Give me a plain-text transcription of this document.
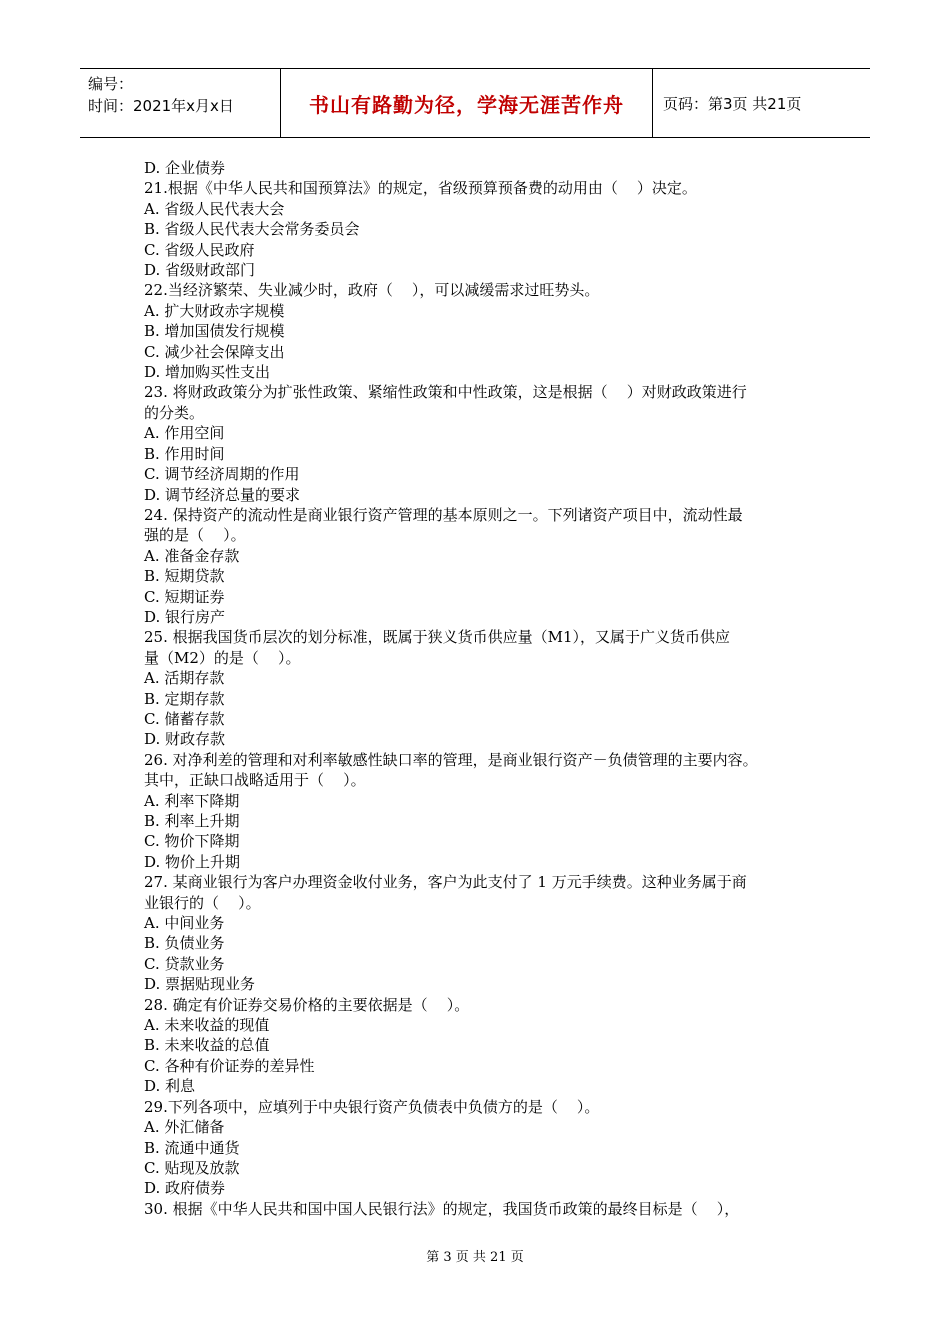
编号：
时间：2021年x月x日	书山有路勤为径，学海无涯苦作舟	页码：第3页 共21页
D. 企业债券
21.根据《中华人民共和国预算法》的规定，省级预算预备费的动用由（    ）决定。
A. 省级人民代表大会
B. 省级人民代表大会常务委员会
C. 省级人民政府
D. 省级财政部门
22.当经济繁荣、失业减少时，政府（    ），可以减缓需求过旺势头。
A. 扩大财政赤字规模
B. 增加国债发行规模
C. 减少社会保障支出
D. 增加购买性支出
23. 将财政政策分为扩张性政策、紧缩性政策和中性政策，这是根据（    ）对财政政策进行
的分类。
A. 作用空间
B. 作用时间
C. 调节经济周期的作用
D. 调节经济总量的要求
24. 保持资产的流动性是商业银行资产管理的基本原则之一。下列诸资产项目中，流动性最
强的是（    ）。
A. 准备金存款
B. 短期贷款
C. 短期证券
D. 银行房产
25. 根据我国货币层次的划分标准，既属于狭义货币供应量（M1），又属于广义货币供应
量（M2）的是（    ）。
A. 活期存款
B. 定期存款
C. 储蓄存款
D. 财政存款
26. 对净利差的管理和对利率敏感性缺口率的管理，是商业银行资产－负债管理的主要内容。
其中，正缺口战略适用于（    ）。
A. 利率下降期
B. 利率上升期
C. 物价下降期
D. 物价上升期
27. 某商业银行为客户办理资金收付业务，客户为此支付了 1 万元手续费。这种业务属于商
业银行的（    ）。
A. 中间业务
B. 负债业务
C. 贷款业务
D. 票据贴现业务
28. 确定有价证券交易价格的主要依据是（    ）。
A. 未来收益的现值
B. 未来收益的总值
C. 各种有价证券的差异性
D. 利息
29.下列各项中，应填列于中央银行资产负债表中负债方的是（    ）。
A. 外汇储备
B. 流通中通货
C. 贴现及放款
D. 政府债券
30. 根据《中华人民共和国中国人民银行法》的规定，我国货币政策的最终目标是（    ），
第 3 页 共 21 页
